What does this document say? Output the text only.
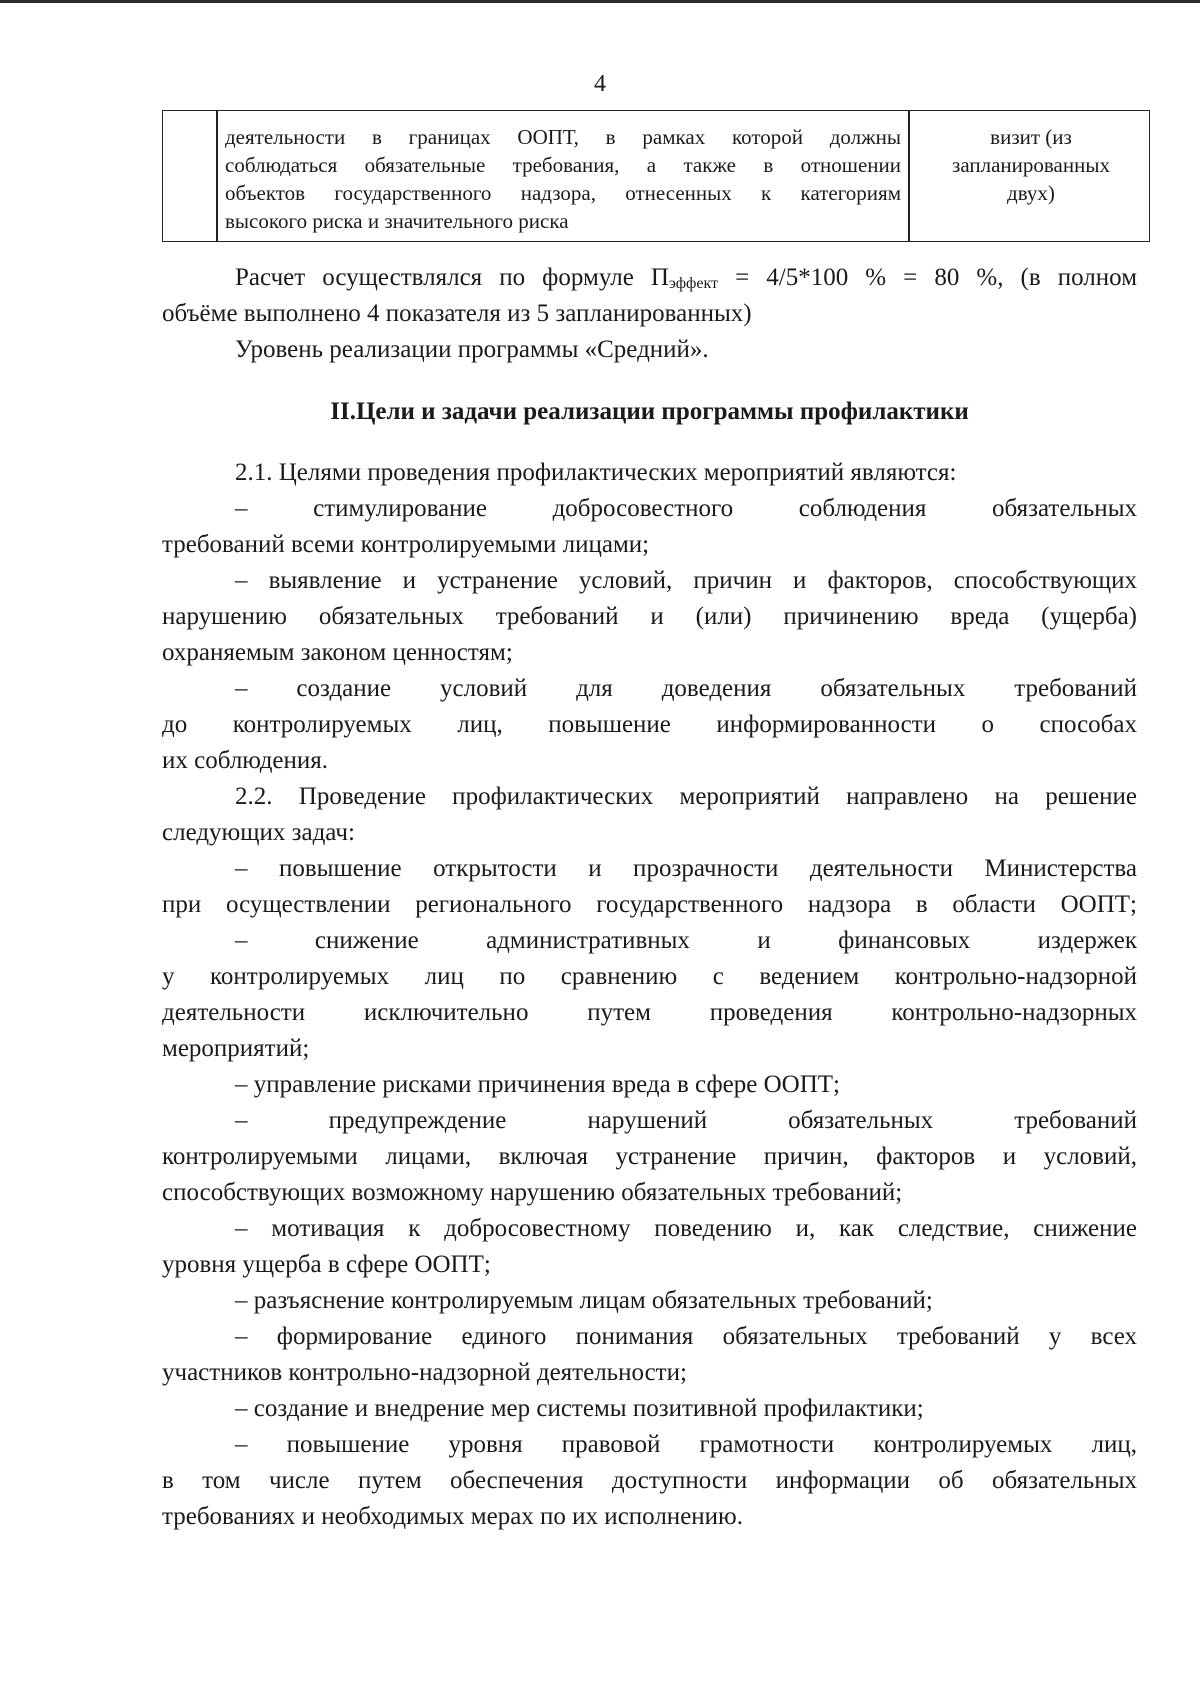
4
деятельности в границах ООПТ, в рамках которой должны
соблюдаться обязательные требования, а также в отношении
объектов государственного надзора, отнесенных к категориям
высокого риска и значительного риска
визит (из
запланированных
двух)
Расчет осуществлялся по формуле $П_{эффект} = 4/5*100$ % = 80 %, (в полном
объёме выполнено 4 показателя из 5 запланированных)
Уровень реализации программы «Средний».
II.Цели и задачи реализации программы профилактики
2.1. Целями проведения профилактических мероприятий являются:
– стимулирование добросовестного соблюдения обязательных
требований всеми контролируемыми лицами;
– выявление и устранение условий, причин и факторов, способствующих
нарушению обязательных требований и (или) причинению вреда (ущерба)
охраняемым законом ценностям;
– создание условий для доведения обязательных требований
до контролируемых лиц, повышение информированности о способах
их соблюдения.
2.2. Проведение профилактических мероприятий направлено на решение
следующих задач:
– повышение открытости и прозрачности деятельности Министерства
при осуществлении регионального государственного надзора в области ООПТ;
– снижение административных и финансовых издержек
у контролируемых лиц по сравнению с ведением контрольно-надзорной
деятельности исключительно путем проведения контрольно-надзорных
мероприятий;
– управление рисками причинения вреда в сфере ООПТ;
– предупреждение нарушений обязательных требований
контролируемыми лицами, включая устранение причин, факторов и условий,
способствующих возможному нарушению обязательных требований;
– мотивация к добросовестному поведению и, как следствие, снижение
уровня ущерба в сфере ООПТ;
– разъяснение контролируемым лицам обязательных требований;
– формирование единого понимания обязательных требований у всех
участников контрольно-надзорной деятельности;
– создание и внедрение мер системы позитивной профилактики;
– повышение уровня правовой грамотности контролируемых лиц,
в том числе путем обеспечения доступности информации об обязательных
требованиях и необходимых мерах по их исполнению.
